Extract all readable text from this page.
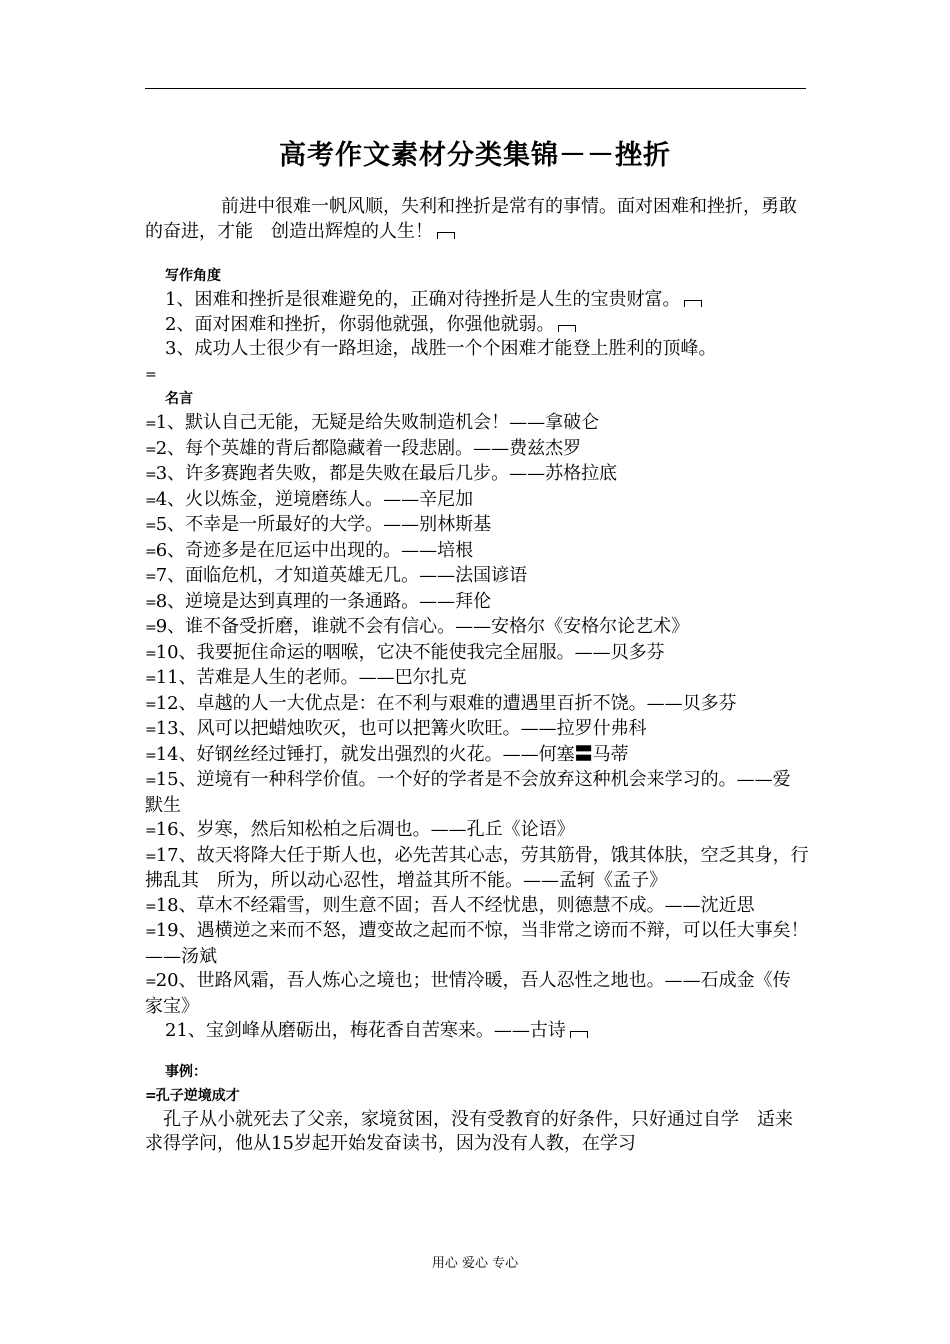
高考作文素材分类集锦－－挫折

前进中很难一帆风顺，失利和挫折是常有的事情。面对困难和挫折，勇敢的奋进，才能　创造出辉煌的人生！

写作角度

1、困难和挫折是很难避免的，正确对待挫折是人生的宝贵财富。

2、面对困难和挫折，你弱他就强，你强他就弱。

3、成功人士很少有一路坦途，战胜一个个困难才能登上胜利的顶峰。

=

名言

= 1、默认自己无能，无疑是给失败制造机会！——拿破仑

= 2、每个英雄的背后都隐藏着一段悲剧。——费兹杰罗

= 3、许多赛跑者失败，都是失败在最后几步。——苏格拉底

= 4、火以炼金，逆境磨练人。——辛尼加

= 5、不幸是一所最好的大学。——别林斯基

= 6、奇迹多是在厄运中出现的。——培根

= 7、面临危机，才知道英雄无几。——法国谚语

= 8、逆境是达到真理的一条通路。——拜伦

= 9、谁不备受折磨，谁就不会有信心。——安格尔《安格尔论艺术》

= 10、我要扼住命运的咽喉，它决不能使我完全屈服。——贝多芬

= 11、苦难是人生的老师。——巴尔扎克

= 12、卓越的人一大优点是：在不利与艰难的遭遇里百折不饶。——贝多芬

= 13、风可以把蜡烛吹灭，也可以把篝火吹旺。——拉罗什弗科

= 14、好钢丝经过锤打，就发出强烈的火花。——何塞〓马蒂

= 15、逆境有一种科学价值。一个好的学者是不会放弃这种机会来学习的。——爱　默生

= 16、岁寒，然后知松柏之后凋也。——孔丘《论语》

= 17、故天将降大任于斯人也，必先苦其心志，劳其筋骨，饿其体肤，空乏其身，行拂乱其　所为，所以动心忍性，增益其所不能。——孟轲《孟子》

= 18、草木不经霜雪，则生意不固；吾人不经忧患，则德慧不成。——沈近思

= 19、遇横逆之来而不怒，遭变故之起而不惊，当非常之谤而不辩，可以任大事矣！——汤斌

= 20、世路风霜，吾人炼心之境也；世情冷暖，吾人忍性之地也。——石成金《传　家宝》

21、宝剑峰从磨砺出，梅花香自苦寒来。——古诗

事例：

= 孔子逆境成才

孔子从小就死去了父亲，家境贫困，没有受教育的好条件，只好通过自学　适来求得学问，他从15岁起开始发奋读书，因为没有人教，在学习

用心 爱心 专心
